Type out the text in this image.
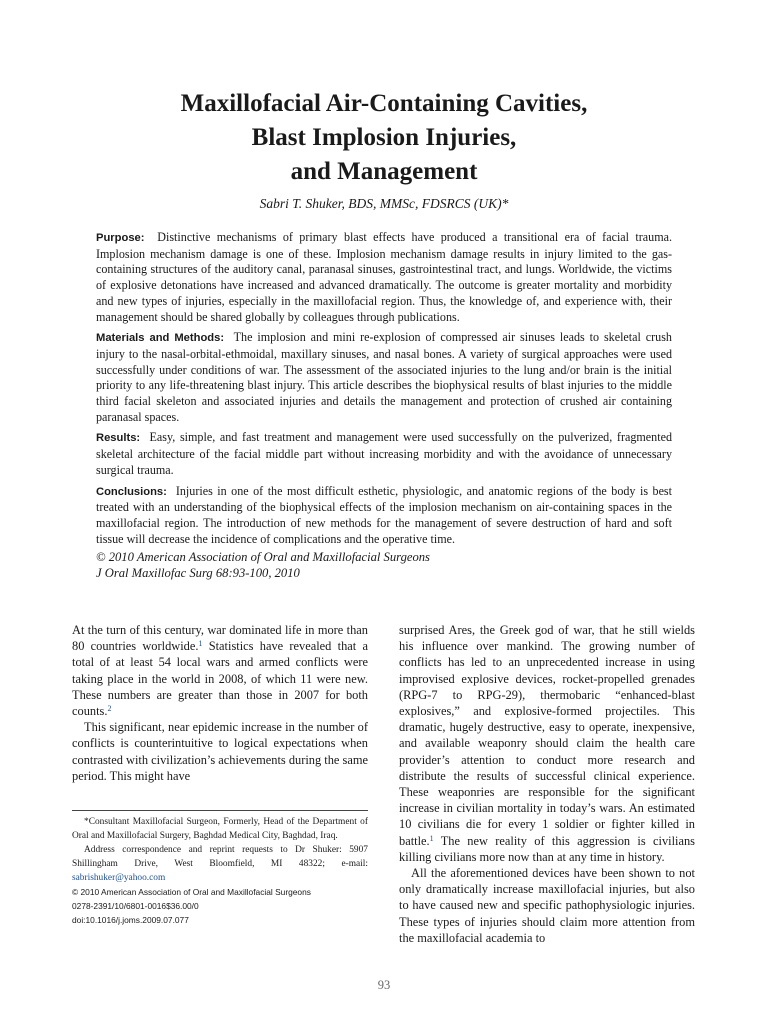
Maxillofacial Air-Containing Cavities,
Blast Implosion Injuries,
and Management
Sabri T. Shuker, BDS, MMSc, FDSRCS (UK)*

Purpose: Distinctive mechanisms of primary blast effects have produced a transitional era of facial trauma. Implosion mechanism damage is one of these. Implosion mechanism damage results in injury limited to the gas-containing structures of the auditory canal, paranasal sinuses, gastrointestinal tract, and lungs. Worldwide, the victims of explosive detonations have increased and advanced dramatically. The outcome is greater mortality and morbidity and new types of injuries, especially in the maxillofacial region. Thus, the knowledge of, and experience with, their management should be shared globally by colleagues through publications.

Materials and Methods: The implosion and mini re-explosion of compressed air sinuses leads to skeletal crush injury to the nasal-orbital-ethmoidal, maxillary sinuses, and nasal bones. A variety of surgical approaches were used successfully under conditions of war. The assessment of the associated injuries to the lung and/or brain is the initial priority to any life-threatening blast injury. This article describes the biophysical results of blast injuries to the middle third facial skeleton and associated injuries and details the management and protection of crushed air containing paranasal spaces.

Results: Easy, simple, and fast treatment and management were used successfully on the pulverized, fragmented skeletal architecture of the facial middle part without increasing morbidity and with the avoidance of unnecessary surgical trauma.

Conclusions: Injuries in one of the most difficult esthetic, physiologic, and anatomic regions of the body is best treated with an understanding of the biophysical effects of the implosion mechanism on air-containing spaces in the maxillofacial region. The introduction of new methods for the management of severe destruction of hard and soft tissue will decrease the incidence of complications and the operative time.

© 2010 American Association of Oral and Maxillofacial Surgeons
J Oral Maxillofac Surg 68:93-100, 2010

At the turn of this century, war dominated life in more than 80 countries worldwide.$^1$ Statistics have revealed that a total of at least 54 local wars and armed conflicts were taking place in the world in 2008, of which 11 were new. These numbers are greater than those in 2007 for both counts.$^2$

This significant, near epidemic increase in the number of conflicts is counterintuitive to logical expectations when contrasted with civilization’s achievements during the same period. This might have

*Consultant Maxillofacial Surgeon, Formerly, Head of the Department of Oral and Maxillofacial Surgery, Baghdad Medical City, Baghdad, Iraq.

Address correspondence and reprint requests to Dr Shuker: 5907 Shillingham Drive, West Bloomfield, MI 48322; e-mail: sabrishuker@yahoo.com

© 2010 American Association of Oral and Maxillofacial Surgeons

0278-2391/10/6801-0016$36.00/0

doi:10.1016/j.joms.2009.07.077

surprised Ares, the Greek god of war, that he still wields his influence over mankind. The growing number of conflicts has led to an unprecedented increase in using improvised explosive devices, rocket-propelled grenades (RPG-7 to RPG-29), thermobaric “enhanced-blast explosives,” and explosive-formed projectiles. This dramatic, hugely destructive, easy to operate, inexpensive, and available weaponry should claim the health care provider’s attention to conduct more research and distribute the results of successful clinical experience. These weaponries are responsible for the significant increase in civilian mortality in today’s wars. An estimated 10 civilians die for every 1 soldier or fighter killed in battle.$^1$ The new reality of this aggression is civilians killing civilians more now than at any time in history.

All the aforementioned devices have been shown to not only dramatically increase maxillofacial injuries, but also to have caused new and specific pathophysiologic injuries. These types of injuries should claim more attention from the maxillofacial academia to

93
